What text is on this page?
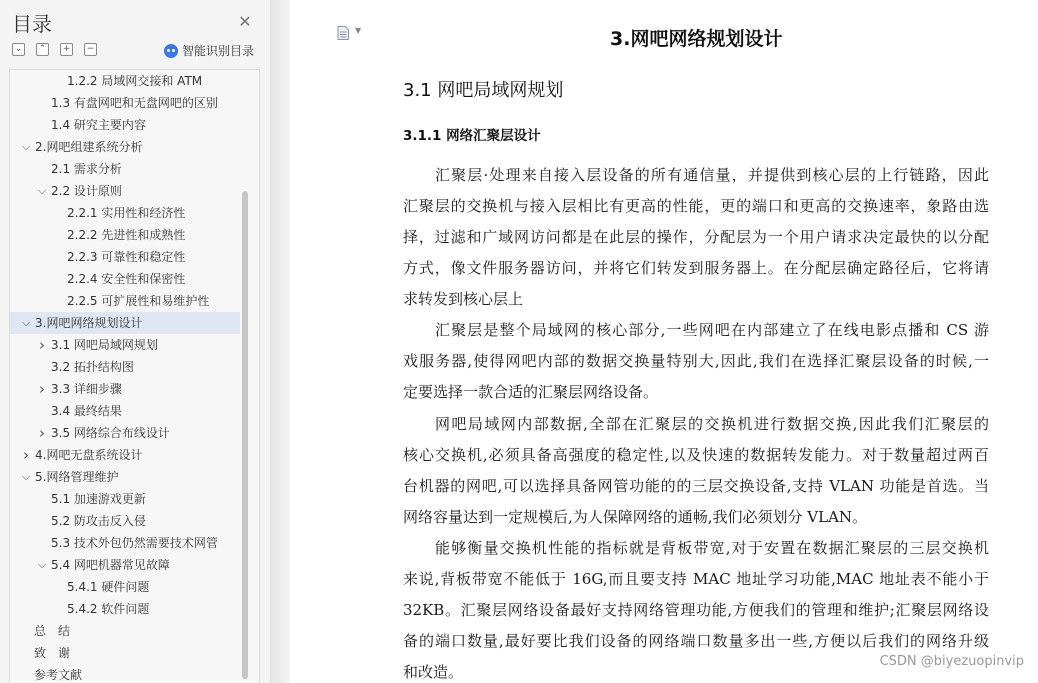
目录	✕
⌄	⌃	+	−	智能识别目录
1.2.2 局域网交接和 ATM
1.3 有盘网吧和无盘网吧的区别
1.4 研究主要内容
⌵ 2.网吧组建系统分析
2.1 需求分析
⌵ 2.2 设计原则
2.2.1 实用性和经济性
2.2.2 先进性和成熟性
2.2.3 可靠性和稳定性
2.2.4 安全性和保密性
2.2.5 可扩展性和易维护性
⌵ 3.网吧网络规划设计
› 3.1 网吧局域网规划
3.2 拓扑结构图
› 3.3 详细步骤
3.4 最终结果
› 3.5 网络综合布线设计
› 4.网吧无盘系统设计
⌵ 5.网络管理维护
5.1 加速游戏更新
5.2 防攻击反入侵
5.3 技术外包仍然需要技术网管
⌵ 5.4 网吧机器常见故障
5.4.1 硬件问题
5.4.2 软件问题
总　结
致　谢
参考文献
▼	3.网吧网络规划设计
3.1 网吧局域网规划
3.1.1 网络汇聚层设计
汇聚层·处理来自接入层设备的所有通信量，并提供到核心层的上行链路，因此
汇聚层的交换机与接入层相比有更高的性能，更的端口和更高的交换速率，象路由选
择，过滤和广域网访问都是在此层的操作，分配层为一个用户请求决定最快的以分配
方式，像文件服务器访问，并将它们转发到服务器上。在分配层确定路径后，它将请
求转发到核心层上
汇聚层是整个局域网的核心部分,一些网吧在内部建立了在线电影点播和 CS 游
戏服务器,使得网吧内部的数据交换量特别大,因此,我们在选择汇聚层设备的时候,一
定要选择一款合适的汇聚层网络设备。
网吧局域网内部数据,全部在汇聚层的交换机进行数据交换,因此我们汇聚层的
核心交换机,必须具备高强度的稳定性,以及快速的数据转发能力。对于数量超过两百
台机器的网吧,可以选择具备网管功能的的三层交换设备,支持 VLAN 功能是首选。当
网络容量达到一定规模后,为人保障网络的通畅,我们必须划分 VLAN。
能够衡量交换机性能的指标就是背板带宽,对于安置在数据汇聚层的三层交换机
来说,背板带宽不能低于 16G,而且要支持 MAC 地址学习功能,MAC 地址表不能小于
32KB。汇聚层网络设备最好支持网络管理功能,方便我们的管理和维护;汇聚层网络设
备的端口数量,最好要比我们设备的网络端口数量多出一些,方便以后我们的网络升级
和改造。
CSDN @biyezuopinvip
